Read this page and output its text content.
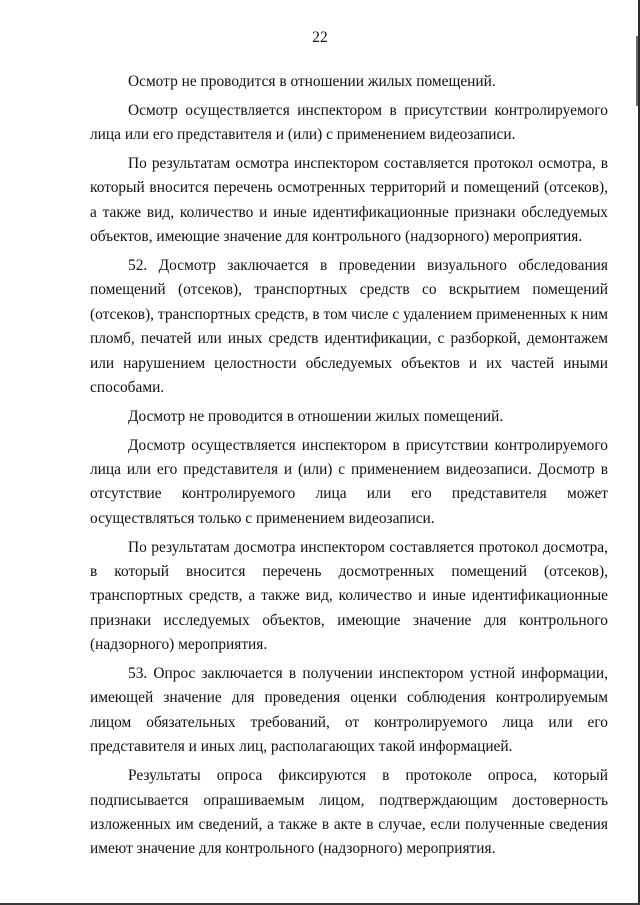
22

Осмотр не проводится в отношении жилых помещений.

Осмотр осуществляется инспектором в присутствии контролируемого лица или его представителя и (или) с применением видеозаписи.

По результатам осмотра инспектором составляется протокол осмотра, в который вносится перечень осмотренных территорий и помещений (отсеков), а также вид, количество и иные идентификационные признаки обследуемых объектов, имеющие значение для контрольного (надзорного) мероприятия.

52. Досмотр заключается в проведении визуального обследования помещений (отсеков), транспортных средств со вскрытием помещений (отсеков), транспортных средств, в том числе с удалением примененных к ним пломб, печатей или иных средств идентификации, с разборкой, демонтажем или нарушением целостности обследуемых объектов и их частей иными способами.

Досмотр не проводится в отношении жилых помещений.

Досмотр осуществляется инспектором в присутствии контролируемого лица или его представителя и (или) с применением видеозаписи. Досмотр в отсутствие контролируемого лица или его представителя может осуществляться только с применением видеозаписи.

По результатам досмотра инспектором составляется протокол досмотра, в который вносится перечень досмотренных помещений (отсеков), транспортных средств, а также вид, количество и иные идентификационные признаки исследуемых объектов, имеющие значение для контрольного (надзорного) мероприятия.

53. Опрос заключается в получении инспектором устной информации, имеющей значение для проведения оценки соблюдения контролируемым лицом обязательных требований, от контролируемого лица или его представителя и иных лиц, располагающих такой информацией.

Результаты опроса фиксируются в протоколе опроса, который подписывается опрашиваемым лицом, подтверждающим достоверность изложенных им сведений, а также в акте в случае, если полученные сведения имеют значение для контрольного (надзорного) мероприятия.
